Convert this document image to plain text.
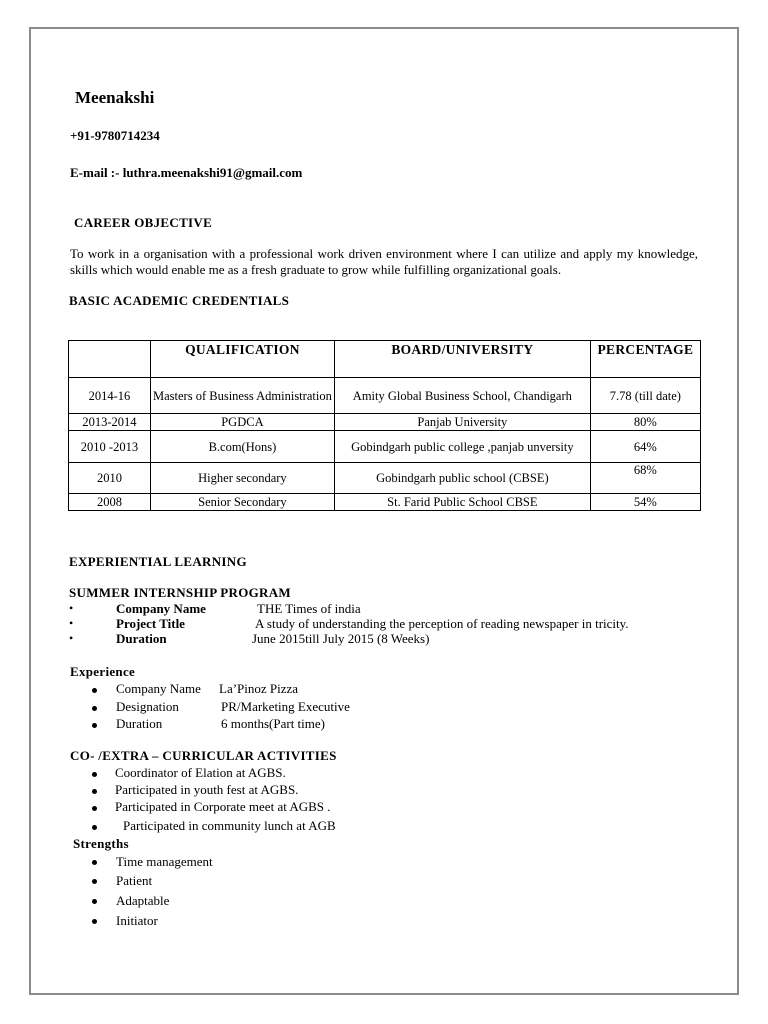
Meenakshi
+91-9780714234
E-mail :- luthra.meenakshi91@gmail.com
CAREER OBJECTIVE
To work in a organisation with a professional work driven environment where I can utilize and apply my knowledge, skills which would enable me as a fresh graduate to grow while fulfilling organizational goals.
BASIC ACADEMIC CREDENTIALS
	QUALIFICATION	BOARD/UNIVERSITY	PERCENTAGE
2014-16	Masters of Business Administration	Amity Global Business School, Chandigarh	7.78 (till date)
2013-2014	PGDCA	Panjab University	80%
2010 -2013	B.com(Hons)	Gobindgarh public college ,panjab unversity	64%
2010	Higher secondary	Gobindgarh public school (CBSE)	68%
2008	Senior Secondary	St. Farid Public School CBSE	54%
EXPERIENTIAL LEARNING
SUMMER INTERNSHIP PROGRAM
•	Company Name	THE Times of india
•	Project Title	A study of understanding the perception of reading newspaper in tricity.
•	Duration	June 2015till July 2015 (8 Weeks)
Experience
Company Name La’Pinoz Pizza
Designation	PR/Marketing Executive
Duration	6 months(Part time)
CO- /EXTRA – CURRICULAR ACTIVITIES
Coordinator of Elation at AGBS.
Participated in youth fest at AGBS.
Participated in Corporate meet at AGBS .
Participated in community lunch at AGB
Strengths
Time management
Patient
Adaptable
Initiator
